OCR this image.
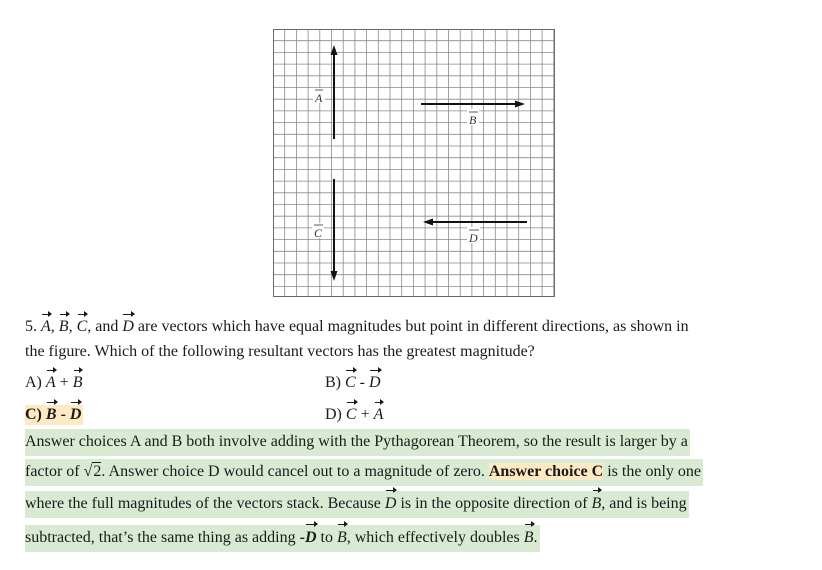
A
B
C	D
5. A, B, C, and D are vectors which have equal magnitudes but point in different directions, as shown in
the figure. Which of the following resultant vectors has the greatest magnitude?
A) A + B	B) C - D
C) B - D	D) C + A
Answer choices A and B both involve adding with the Pythagorean Theorem, so the result is larger by a
factor of √2. Answer choice D would cancel out to a magnitude of zero. Answer choice C is the only one
where the full magnitudes of the vectors stack. Because D is in the opposite direction of B, and is being
subtracted, that’s the same thing as adding -D to B, which effectively doubles B.
